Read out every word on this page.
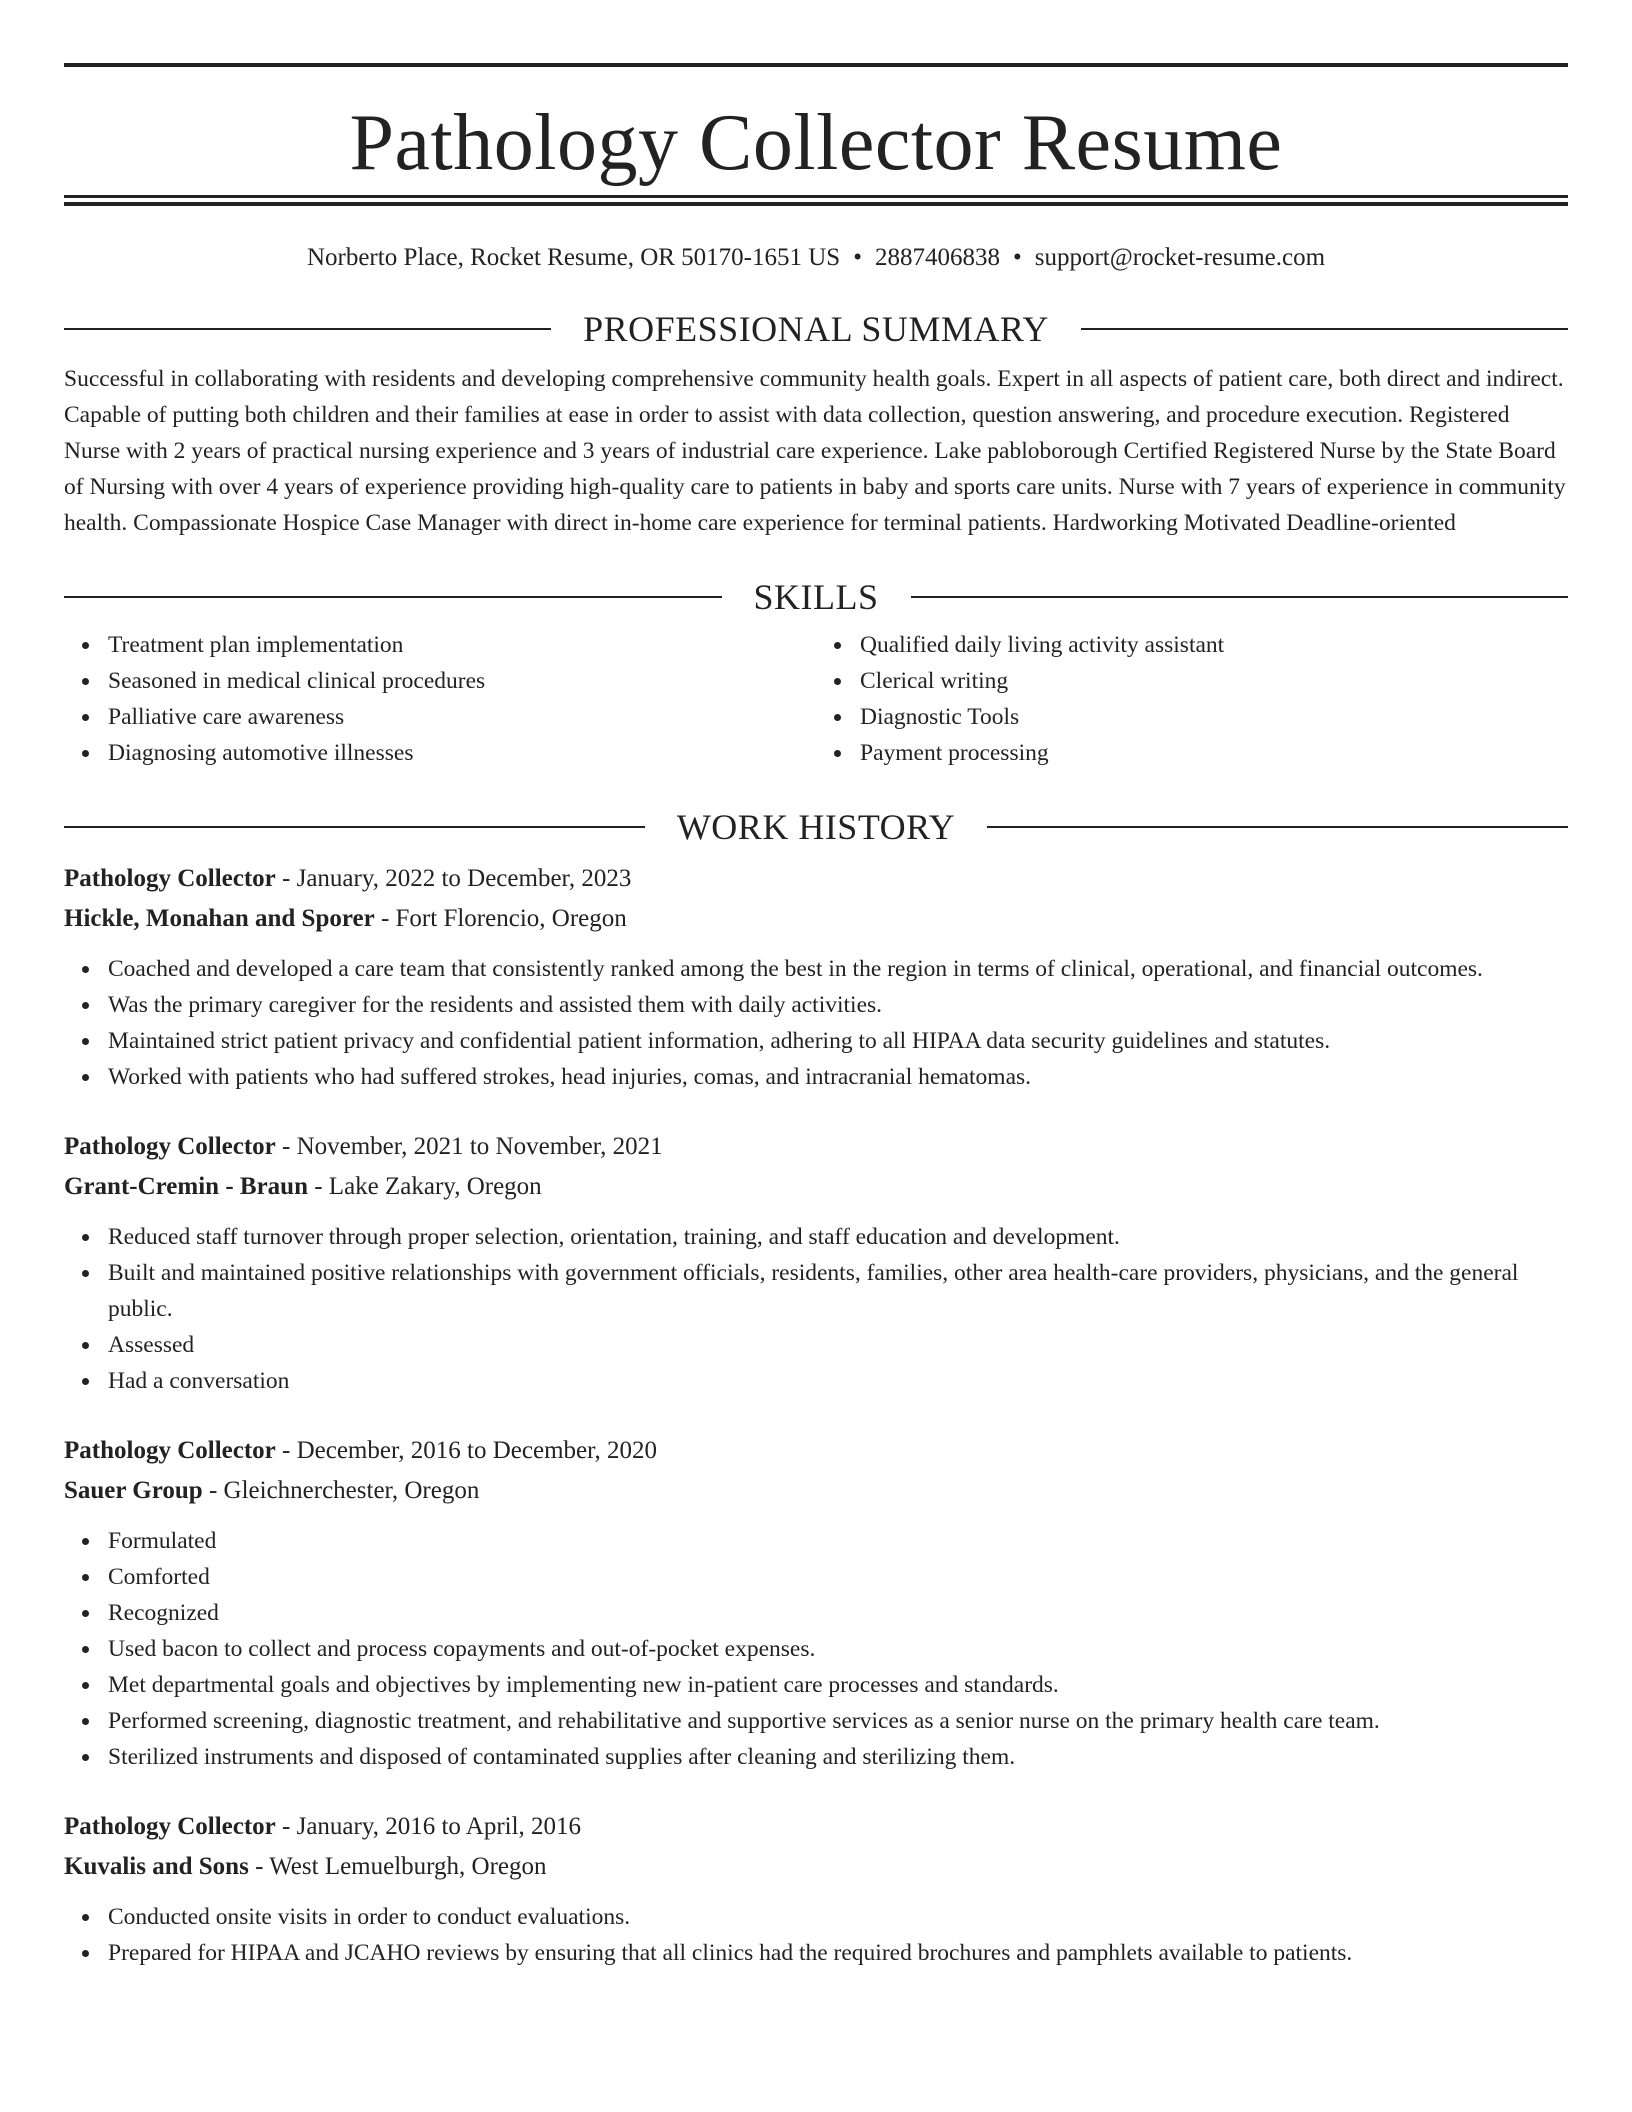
Pathology Collector Resume
Norberto Place, Rocket Resume, OR 50170-1651 US • 2887406838 • support@rocket-resume.com
PROFESSIONAL SUMMARY
Successful in collaborating with residents and developing comprehensive community health goals. Expert in all aspects of patient care, both direct and indirect. Capable of putting both children and their families at ease in order to assist with data collection, question answering, and procedure execution. Registered Nurse with 2 years of practical nursing experience and 3 years of industrial care experience. Lake pabloborough Certified Registered Nurse by the State Board of Nursing with over 4 years of experience providing high-quality care to patients in baby and sports care units. Nurse with 7 years of experience in community health. Compassionate Hospice Case Manager with direct in-home care experience for terminal patients. Hardworking Motivated Deadline-oriented
SKILLS
Treatment plan implementation
Seasoned in medical clinical procedures
Palliative care awareness
Diagnosing automotive illnesses
Qualified daily living activity assistant
Clerical writing
Diagnostic Tools
Payment processing
WORK HISTORY
Pathology Collector - January, 2022 to December, 2023
Hickle, Monahan and Sporer - Fort Florencio, Oregon
Coached and developed a care team that consistently ranked among the best in the region in terms of clinical, operational, and financial outcomes.
Was the primary caregiver for the residents and assisted them with daily activities.
Maintained strict patient privacy and confidential patient information, adhering to all HIPAA data security guidelines and statutes.
Worked with patients who had suffered strokes, head injuries, comas, and intracranial hematomas.
Pathology Collector - November, 2021 to November, 2021
Grant-Cremin - Braun - Lake Zakary, Oregon
Reduced staff turnover through proper selection, orientation, training, and staff education and development.
Built and maintained positive relationships with government officials, residents, families, other area health-care providers, physicians, and the general public.
Assessed
Had a conversation
Pathology Collector - December, 2016 to December, 2020
Sauer Group - Gleichnerchester, Oregon
Formulated
Comforted
Recognized
Used bacon to collect and process copayments and out-of-pocket expenses.
Met departmental goals and objectives by implementing new in-patient care processes and standards.
Performed screening, diagnostic treatment, and rehabilitative and supportive services as a senior nurse on the primary health care team.
Sterilized instruments and disposed of contaminated supplies after cleaning and sterilizing them.
Pathology Collector - January, 2016 to April, 2016
Kuvalis and Sons - West Lemuelburgh, Oregon
Conducted onsite visits in order to conduct evaluations.
Prepared for HIPAA and JCAHO reviews by ensuring that all clinics had the required brochures and pamphlets available to patients.
